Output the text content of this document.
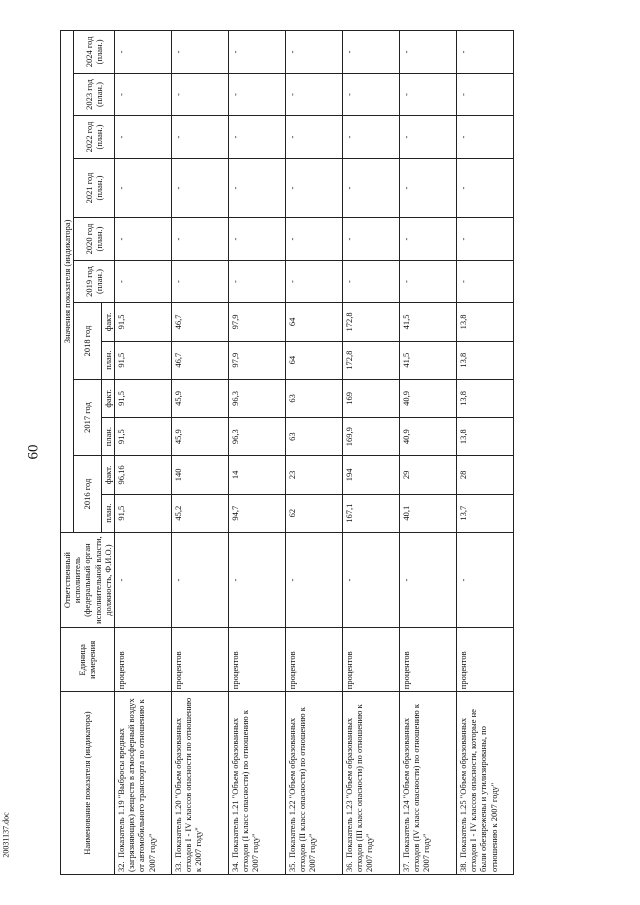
60
Наименование показателя (индикатора)	Единица измерения	Ответственный исполнитель (федеральный орган исполнительной власти, должность, Ф.И.О.)	Значения показателя (индикатора)											
			2016 год		2017 год		2018 год		2019 год (план.)	2020 год (план.)	2021 год (план.)	2022 год (план.)	2023 год (план.)	2024 год (план.)
			план.	факт.	план.	факт.	план.	факт.						
32.Показатель 1.19 "Выбросы вредных (загрязняющих) веществ в атмосферный воздух от автомобильного транспорта по отношению к 2007 году"	процентов	-	91,5	96,16	91,5	91,5	91,5	91,5	-	-	-	-	-	-
33.Показатель 1.20 "Объем образованных отходов I - IV классов опасности по отношению к 2007 году"	процентов	-	45,2	140	45,9	45,9	46,7	46,7	-	-	-	-	-	-
34.Показатель 1.21 "Объем образованных отходов (I класс опасности) по отношению к 2007 году"	процентов	-	94,7	14	96,3	96,3	97,9	97,9	-	-	-	-	-	-
35.Показатель 1.22 "Объем образованных отходов (II класс опасности) по отношению к 2007 году"	процентов	-	62	23	63	63	64	64	-	-	-	-	-	-
36.Показатель 1.23 "Объем образованных отходов (III класс опасности) по отношению к 2007 году"	процентов	-	167,1	194	169,9	169	172,8	172,8	-	-	-	-	-	-
37.Показатель 1.24 "Объем образованных отходов (IV класс опасности) по отношению к 2007 году"	процентов	-	40,1	29	40,9	40,9	41,5	41,5	-	-	-	-	-	-
38.Показатель 1.25 "Объем образованных отходов I - IV классов опасности, которые не были обезврежены и утилизированы, по отношению к 2007 году"	процентов	-	13,7	28	13,8	13,8	13,8	13,8	-	-	-	-	-	-
20031137.doc
